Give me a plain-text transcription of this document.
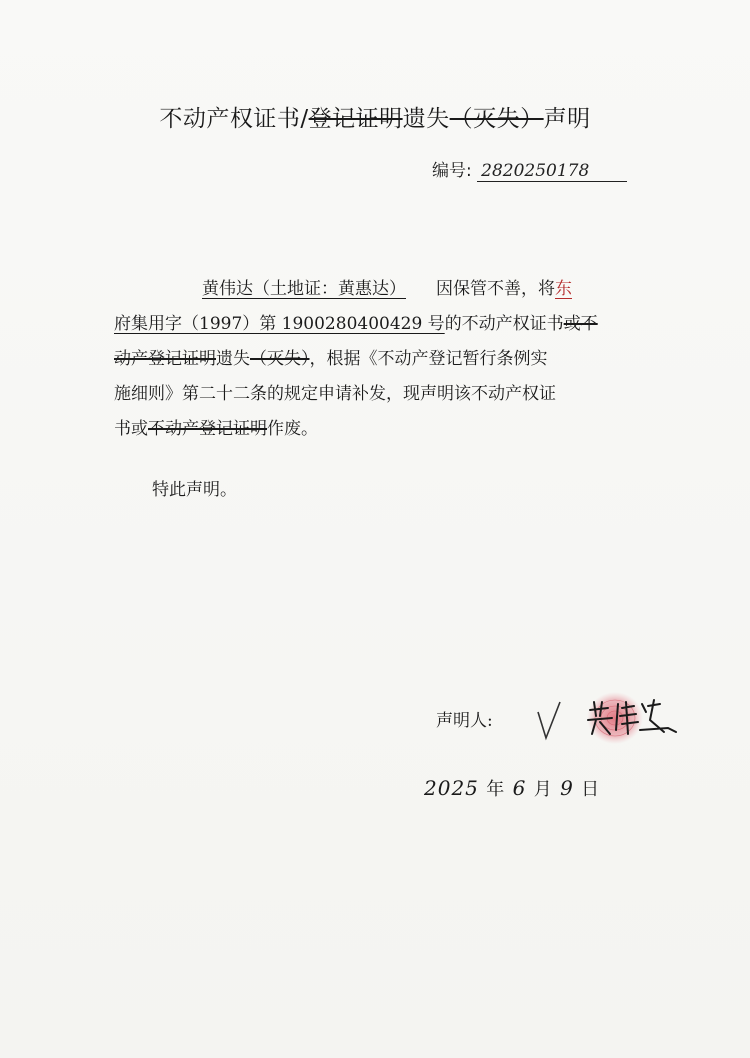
不动产权证书/登记证明遗失（灭失）声明
编号: 2820250178
黄伟达（土地证：黄惠达） 因保管不善，将东
府集用字（1997）第 1900280400429 号的不动产权证书或不
动产登记证明遗失（灭失），根据《不动产登记暂行条例实
施细则》第二十二条的规定申请补发，现声明该不动产权证
书或不动产登记证明作废。
特此声明。
声明人:
2025 年 6 月 9 日
